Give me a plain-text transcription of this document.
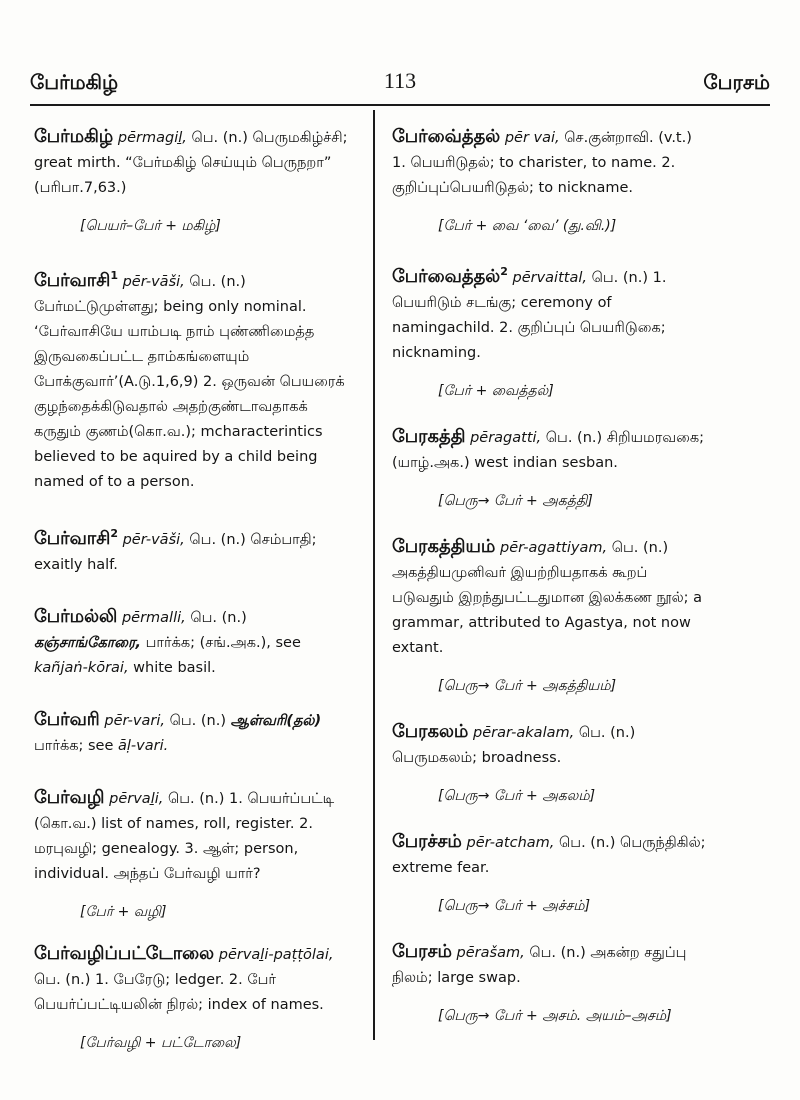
பேர்மகிழ்	113	பேரசம்
பேர்மகிழ் pērmagiḻ, பெ. (n.) பெருமகிழ்ச்சி; great mirth. “பேர்மகிழ் செய்யும் பெருநறா” (பரிபா.7,63.)
[பெயர்–பேர் + மகிழ்]
பேர்வாசி$^1$ pēr-vāši, பெ. (n.) பேர்மட்டுமுள்ளது; being only nominal. ‘பேர்வாசியே யாம்படி நாம் புண்ணிமைத்த இருவகைப்பட்ட தாம்கங்ளையும் போக்குவார்’(A.டு.1,6,9) 2. ஒருவன் பெயரைக் குழந்தைக்கிடுவதால் அதற்குண்டாவதாகக் கருதும் குணம்(கொ.வ.); mcharacterintics believed to be aquired by a child being named of to a person.
பேர்வாசி$^2$ pēr-vāši, பெ. (n.) செம்பாதி; exaitly half.
பேர்மல்லி pērmalli, பெ. (n.) கஞ்சாங்கோரை, பார்க்க; (சங்.அக.), see kañjaṅ-kōrai, white basil.
பேர்வரி pēr-vari, பெ. (n.) ஆள்வரி(தல்) பார்க்க; see āḷ-vari.
பேர்வழி pērvaḻi, பெ. (n.) 1. பெயர்ப்பட்டி (கொ.வ.) list of names, roll, register. 2. மரபுவழி; genealogy. 3. ஆள்; person, individual. அந்தப் பேர்வழி யார்?
[பேர் + வழி]
பேர்வழிப்பட்டோலை pērvaḻi-paṭṭōlai, பெ. (n.) 1. பேரேடு; ledger. 2. பேர் பெயர்ப்பட்டியலின் நிரல்; index of names.
[பேர்வழி + பட்டோலை]
பேர்வை்த்தல் pēr vai, செ.குன்றாவி. (v.t.) 1. பெயரிடுதல்; to charister, to name. 2. குறிப்புப்பெயரிடுதல்; to nickname.
[பேர் + வை ‘வை’ (து.வி.)]
பேர்வைத்தல்$^2$ pērvaittal, பெ. (n.) 1. பெயரிடும் சடங்கு; ceremony of namingachild. 2. குறிப்புப் பெயரிடுகை; nicknaming.
[பேர் + வைத்தல்]
பேரகத்தி pēragatti, பெ. (n.) சிறியமரவகை; (யாழ்.அக.) west indian sesban.
[பெரு→ பேர் + அகத்தி]
பேரகத்தியம் pēr-agattiyam, பெ. (n.) அகத்தியமுனிவர் இயற்றியதாகக் கூறப் படுவதும் இறந்துபட்டதுமான இலக்கண நூல்; a grammar, attributed to Agastya, not now extant.
[பெரு→ பேர் + அகத்தியம்]
பேரகலம் pērar-akalam, பெ. (n.) பெருமகலம்; broadness.
[பெரு→ பேர் + அகலம்]
பேரச்சம் pēr-atcham, பெ. (n.) பெருந்திகில்; extreme fear.
[பெரு→ பேர் + அச்சம்]
பேரசம் pērašam, பெ. (n.) அகன்ற சதுப்பு நிலம்; large swap.
[பெரு→ பேர் + அசம். அயம்–அசம்]
